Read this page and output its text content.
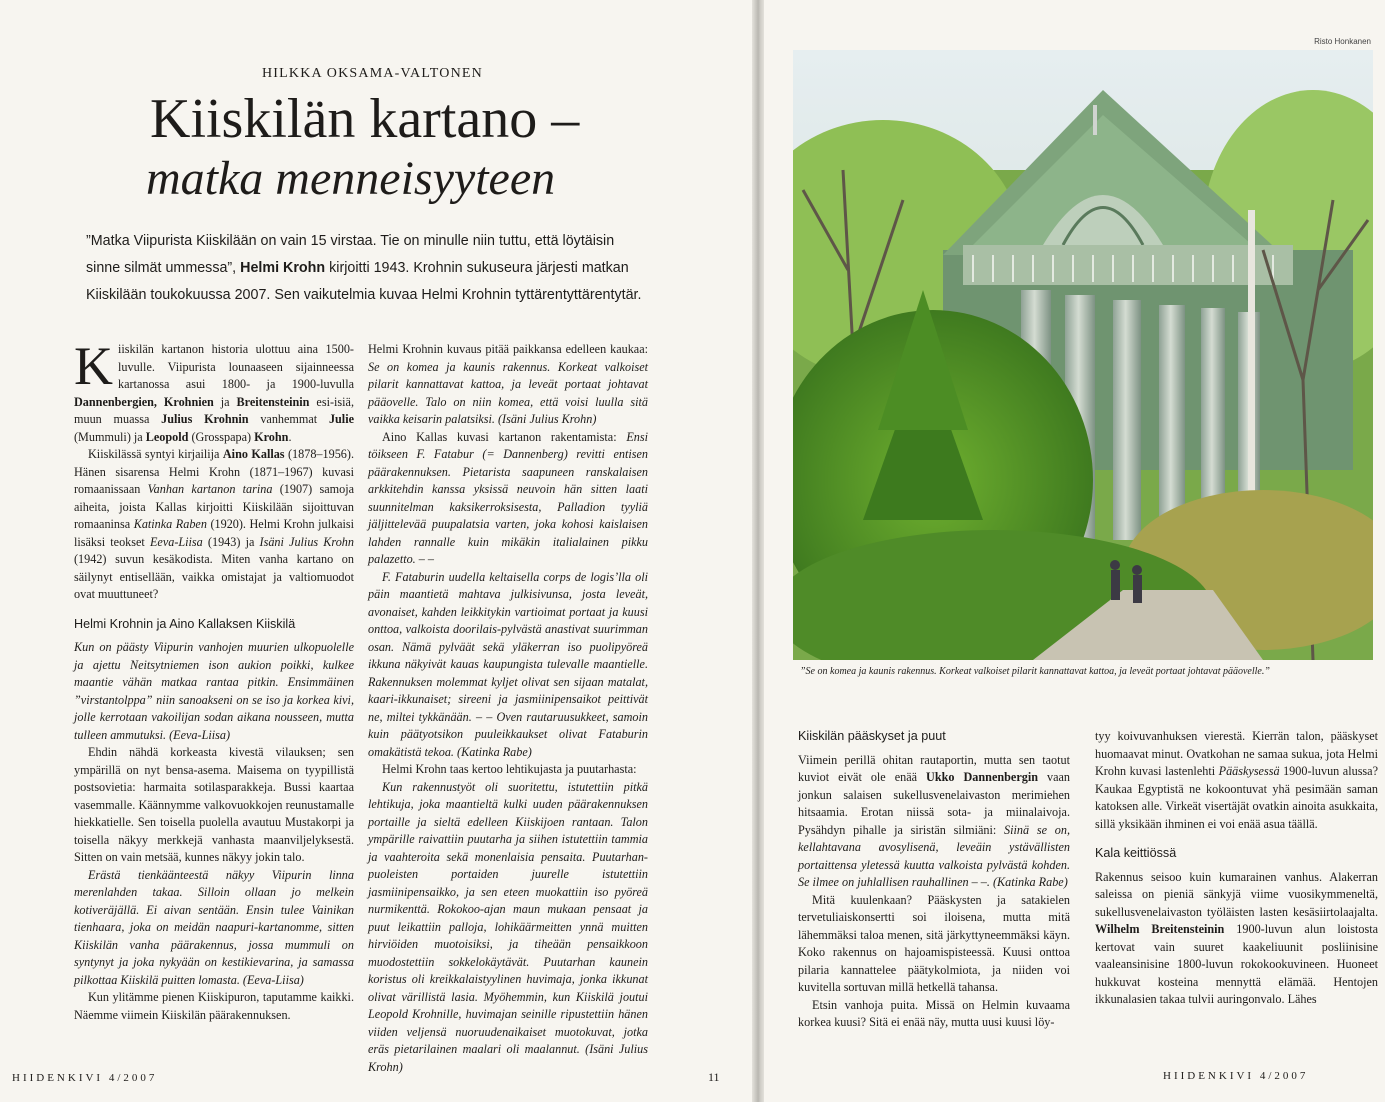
HILKKA OKSAMA-VALTONEN
Kiiskilän kartano –
matka menneisyyteen
”Matka Viipurista Kiiskilään on vain 15 virstaa. Tie on minulle niin tuttu, että löytäisin sinne silmät ummessa”, Helmi Krohn kirjoitti 1943. Krohnin sukuseura järjesti matkan Kiiskilään toukokuussa 2007. Sen vaikutelmia kuvaa Helmi Krohnin tyttärentyttärentytär.

Kiiskilän kartanon historia ulottuu aina 1500-luvulle. Viipurista lounaaseen sijainneessa kartanossa asui 1800- ja 1900-luvulla Dannenbergien, Krohnien ja Breitensteinin esi-isiä, muun muassa Julius Krohnin vanhemmat Julie (Mummuli) ja Leopold (Grosspapa) Krohn.

Kiiskilässä syntyi kirjailija Aino Kallas (1878–1956). Hänen sisarensa Helmi Krohn (1871–1967) kuvasi romaanissaan Vanhan kartanon tarina (1907) samoja aiheita, joista Kallas kirjoitti Kiiskilään sijoittuvan romaaninsa Katinka Raben (1920). Helmi Krohn julkaisi lisäksi teokset Eeva-Liisa (1943) ja Isäni Julius Krohn (1942) suvun kesäkodista. Miten vanha kartano on säilynyt entisellään, vaikka omistajat ja valtiomuodot ovat muuttuneet?

Helmi Krohnin ja Aino Kallaksen Kiiskilä

Kun on päästy Viipurin vanhojen muurien ulkopuolelle ja ajettu Neitsytniemen ison aukion poikki, kulkee maantie vähän matkaa rantaa pitkin. Ensimmäinen ”virstantolppa” niin sanoakseni on se iso ja korkea kivi, jolle kerrotaan vakoilijan sodan aikana nousseen, mutta tulleen ammutuksi. (Eeva-Liisa)

Ehdin nähdä korkeasta kivestä vilauksen; sen ympärillä on nyt bensa-asema. Maisema on tyypillistä postsovietia: harmaita sotilasparakkeja. Bussi kaartaa vasemmalle. Käännymme valkovuokkojen reunustamalle hiekkatielle. Sen toisella puolella avautuu Mustakorpi ja toisella näkyy merkkejä vanhasta maanviljelyksestä. Sitten on vain metsää, kunnes näkyy jokin talo.

Erästä tienkäänteestä näkyy Viipurin linna merenlahden takaa. Silloin ollaan jo melkein kotiveräjällä. Ei aivan sentään. Ensin tulee Vainikan tienhaara, joka on meidän naapuri-kartanomme, sitten Kiiskilän vanha päärakennus, jossa mummuli on syntynyt ja joka nykyään on kestikievarina, ja samassa pilkottaa Kiiskilä puitten lomasta. (Eeva-Liisa)

Kun ylitämme pienen Kiiskipuron, taputamme kaikki. Näemme viimein Kiiskilän päärakennuksen.

Helmi Krohnin kuvaus pitää paikkansa edelleen kaukaa: Se on komea ja kaunis rakennus. Korkeat valkoiset pilarit kannattavat kattoa, ja leveät portaat johtavat pääovelle. Talo on niin komea, että voisi luulla sitä vaikka keisarin palatsiksi. (Isäni Julius Krohn)

Aino Kallas kuvasi kartanon rakentamista: Ensi töikseen F. Fatabur (= Dannenberg) revitti entisen päärakennuksen. Pietarista saapuneen ranskalaisen arkkitehdin kanssa yksissä neuvoin hän sitten laati suunnitelman kaksikerroksisesta, Palladion tyyliä jäljittelevää puupalatsia varten, joka kohosi kaislaisen lahden rannalle kuin mikäkin italialainen pikku palazetto. – –

F. Fataburin uudella keltaisella corps de logis’lla oli päin maantietä mahtava julkisivunsa, josta leveät, avonaiset, kahden leikkitykin vartioimat portaat ja kuusi onttoa, valkoista doorilais-pylvästä anastivat suurimman osan. Nämä pylväät sekä yläkerran iso puolipyöreä ikkuna näkyivät kauas kaupungista tulevalle maantielle. Rakennuksen molemmat kyljet olivat sen sijaan matalat, kaari-ikkunaiset; sireeni ja jasmiinipensaikot peittivät ne, miltei tykkänään. – – Oven rautaruusukkeet, samoin kuin päätyotsikon puuleikkaukset olivat Fataburin omakätistä tekoa. (Katinka Rabe)

Helmi Krohn taas kertoo lehtikujasta ja puutarhasta:

Kun rakennustyöt oli suoritettu, istutettiin pitkä lehtikuja, joka maantieltä kulki uuden päärakennuksen portaille ja sieltä edelleen Kiiskijoen rantaan. Talon ympärille raivattiin puutarha ja siihen istutettiin tammia ja vaahteroita sekä monenlaisia pensaita. Puutarhan-puoleisten portaiden juurelle istutettiin jasmiinipensaikko, ja sen eteen muokattiin iso pyöreä nurmikenttä. Rokokoo-ajan maun mukaan pensaat ja puut leikattiin palloja, lohikäärmeitten ynnä muitten hirviöiden muotoisiksi, ja tiheään pensaikkoon muodostettiin sokkelokäytävät. Puutarhan kaunein koristus oli kreikkalaistyylinen huvimaja, jonka ikkunat olivat värillistä lasia. Myöhemmin, kun Kiiskilä joutui Leopold Krohnille, huvimajan seinille ripustettiin hänen viiden veljensä nuoruudenaikaiset muotokuvat, jotka eräs pietarilainen maalari oli maalannut. (Isäni Julius Krohn)

HIIDENKIVI 4/2007	11
Risto Honkanen
”Se on komea ja kaunis rakennus. Korkeat valkoiset pilarit kannattavat kattoa, ja leveät portaat johtavat pääovelle.”
Kiiskilän pääskyset ja puut

Viimein perillä ohitan rautaportin, mutta sen taotut kuviot eivät ole enää Ukko Dannenbergin vaan jonkun salaisen sukellusvenelaivaston merimiehen hitsaamia. Erotan niissä sota- ja miinalaivoja. Pysähdyn pihalle ja siristän silmiäni: Siinä se on, kellahtavana avosylisenä, leveäin ystävällisten portaittensa yletessä kuutta valkoista pylvästä kohden. Se ilmee on juhlallisen rauhallinen – –. (Katinka Rabe)

Mitä kuulenkaan? Pääskysten ja satakielen tervetuliaiskonsertti soi iloisena, mutta mitä lähemmäksi taloa menen, sitä järkyttyneemmäksi käyn. Koko rakennus on hajoamispisteessä. Kuusi onttoa pilaria kannattelee päätykolmiota, ja niiden voi kuvitella sortuvan millä hetkellä tahansa.

Etsin vanhoja puita. Missä on Helmin kuvaama korkea kuusi? Sitä ei enää näy, mutta uusi kuusi löy-

tyy koivuvanhuksen vierestä. Kierrän talon, pääskyset huomaavat minut. Ovatkohan ne samaa sukua, jota Helmi Krohn kuvasi lastenlehti Pääskysessä 1900-luvun alussa? Kaukaa Egyptistä ne kokoontuvat yhä pesimään saman katoksen alle. Virkeät visertäjät ovatkin ainoita asukkaita, sillä yksikään ihminen ei voi enää asua täällä.

Kala keittiössä

Rakennus seisoo kuin kumarainen vanhus. Alakerran saleissa on pieniä sänkyjä viime vuosikymmeneltä, sukellusvenelaivaston työläisten lasten kesäsiirtolaajalta. Wilhelm Breitensteinin 1900-luvun alun loistosta kertovat vain suuret kaakeliuunit posliinisine vaaleansinisine 1800-luvun rokokookuvineen. Huoneet hukkuvat kosteina mennyttä elämää. Hentojen ikkunalasien takaa tulvii auringonvalo. Lähes

HIIDENKIVI 4/2007
